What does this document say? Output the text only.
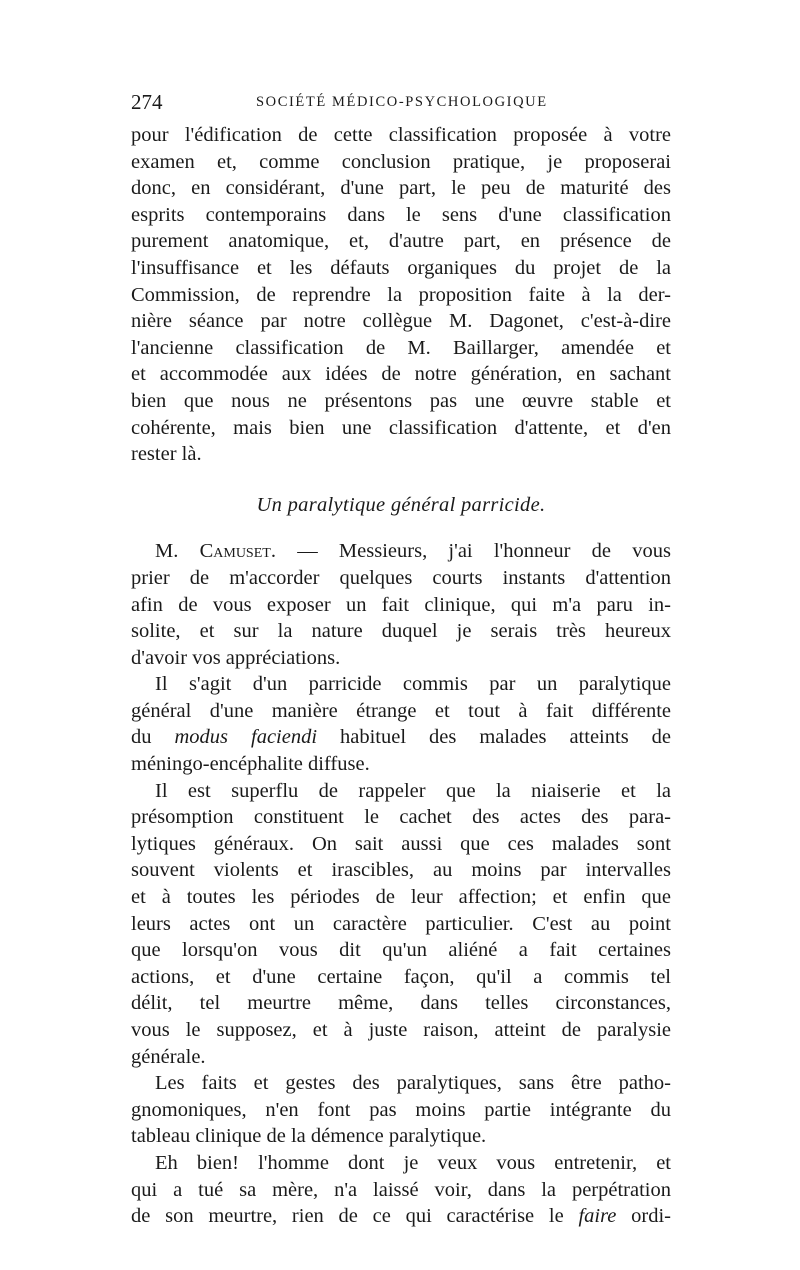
274	SOCIÉTÉ MÉDICO-PSYCHOLOGIQUE
pour l'édification de cette classification proposée à votre
examen et, comme conclusion pratique, je proposerai
donc, en considérant, d'une part, le peu de maturité des
esprits contemporains dans le sens d'une classification
purement anatomique, et, d'autre part, en présence de
l'insuffisance et les défauts organiques du projet de la
Commission, de reprendre la proposition faite à la der-
nière séance par notre collègue M. Dagonet, c'est-à-dire
l'ancienne classification de M. Baillarger, amendée et
et accommodée aux idées de notre génération, en sachant
bien que nous ne présentons pas une œuvre stable et
cohérente, mais bien une classification d'attente, et d'en
rester là.
Un paralytique général parricide.
M. Camuset. — Messieurs, j'ai l'honneur de vous
prier de m'accorder quelques courts instants d'attention
afin de vous exposer un fait clinique, qui m'a paru in-
solite, et sur la nature duquel je serais très heureux
d'avoir vos appréciations.
Il s'agit d'un parricide commis par un paralytique
général d'une manière étrange et tout à fait différente
du modus faciendi habituel des malades atteints de
méningo-encéphalite diffuse.
Il est superflu de rappeler que la niaiserie et la
présomption constituent le cachet des actes des para-
lytiques généraux. On sait aussi que ces malades sont
souvent violents et irascibles, au moins par intervalles
et à toutes les périodes de leur affection; et enfin que
leurs actes ont un caractère particulier. C'est au point
que lorsqu'on vous dit qu'un aliéné a fait certaines
actions, et d'une certaine façon, qu'il a commis tel
délit, tel meurtre même, dans telles circonstances,
vous le supposez, et à juste raison, atteint de paralysie
générale.
Les faits et gestes des paralytiques, sans être patho-
gnomoniques, n'en font pas moins partie intégrante du
tableau clinique de la démence paralytique.
Eh bien! l'homme dont je veux vous entretenir, et
qui a tué sa mère, n'a laissé voir, dans la perpétration
de son meurtre, rien de ce qui caractérise le faire ordi-
